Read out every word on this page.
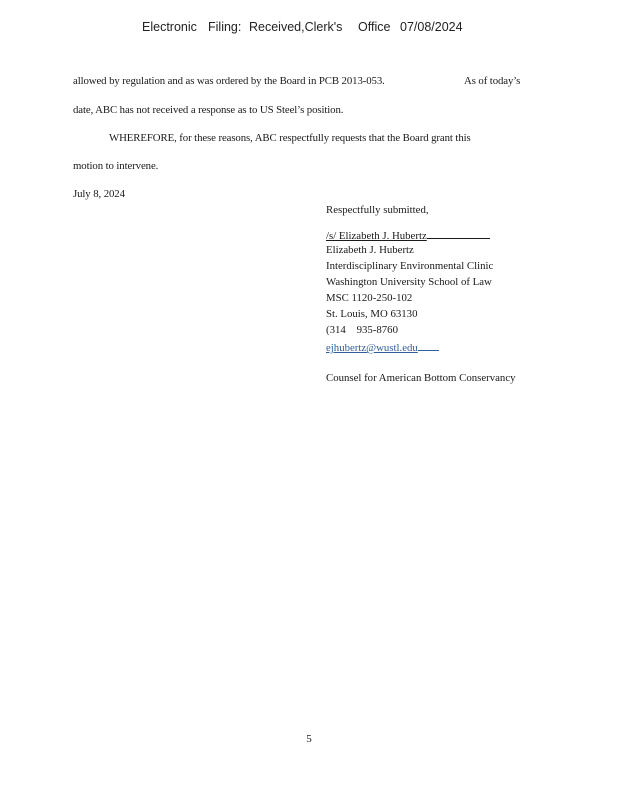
Electronic Filing: Received,Clerk's Office 07/08/2024
allowed by regulation and as was ordered by the Board in PCB 2013-053.	As of today’s
date, ABC has not received a response as to US Steel’s position.
WHEREFORE, for these reasons, ABC respectfully requests that the Board grant this
motion to intervene.
July 8, 2024
Respectfully submitted,
/s/ Elizabeth J. Hubertz
Elizabeth J. Hubertz
Interdisciplinary Environmental Clinic
Washington University School of Law
MSC 1120-250-102
St. Louis, MO 63130
(314    935-8760
ejhubertz@wustl.edu
Counsel for American Bottom Conservancy
5
